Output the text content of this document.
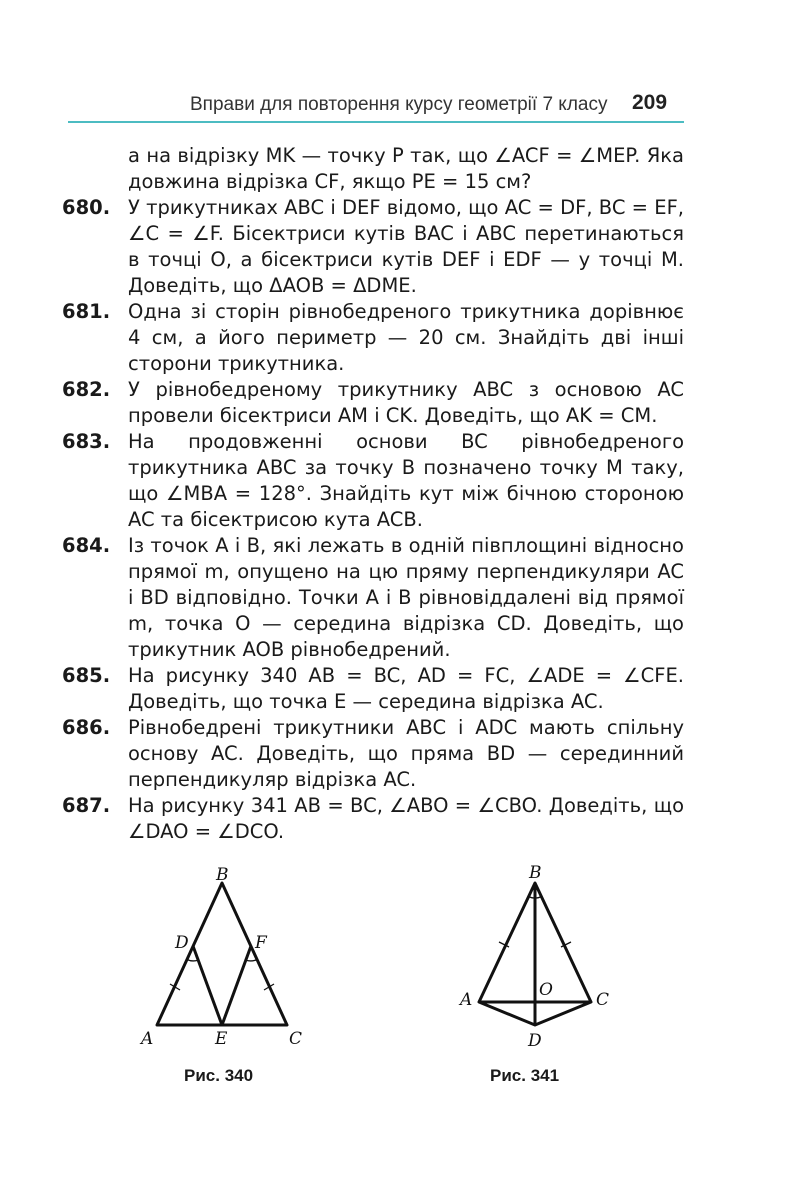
Вправи для повторення курсу геометрії 7 класу 209
а на відрізку MK — точку P так, що ∠ACF = ∠MEP. Яка довжина відрізка CF, якщо PE = 15 см?
680. У трикутниках ABC і DEF відомо, що AC = DF, BC = EF, ∠C = ∠F. Бісектриси кутів BAC і ABC перетинаються в точці O, а бісектриси кутів DEF і EDF — у точці M. Доведіть, що ΔAOB = ΔDME.
681. Одна зі сторін рівнобедреного трикутника дорівнює 4 см, а його периметр — 20 см. Знайдіть дві інші сторони трикутника.
682. У рівнобедреному трикутнику ABC з основою AC провели бісектриси AM і CK. Доведіть, що AK = CM.
683. На продовженні основи BC рівнобедреного трикутника ABC за точку B позначено точку M таку, що ∠MBA = 128°. Знайдіть кут між бічною стороною AC та бісектрисою кута ACB.
684. Із точок A і B, які лежать в одній півплощині відносно прямої m, опущено на цю пряму перпендикуляри AC і BD відповідно. Точки A і B рівновіддалені від прямої m, точка O — середина відрізка CD. Доведіть, що трикутник AOB рівнобедрений.
685. На рисунку 340 AB = BC, AD = FC, ∠ADE = ∠CFE. Доведіть, що точка E — середина відрізка AC.
686. Рівнобедрені трикутники ABC і ADC мають спільну основу AC. Доведіть, що пряма BD — серединний перпендикуляр відрізка AC.
687. На рисунку 341 AB = BC, ∠ABO = ∠CBO. Доведіть, що ∠DAO = ∠DCO.
B
D	F
A	E	C
Рис. 340
B
O
A	C
D
Рис. 341
